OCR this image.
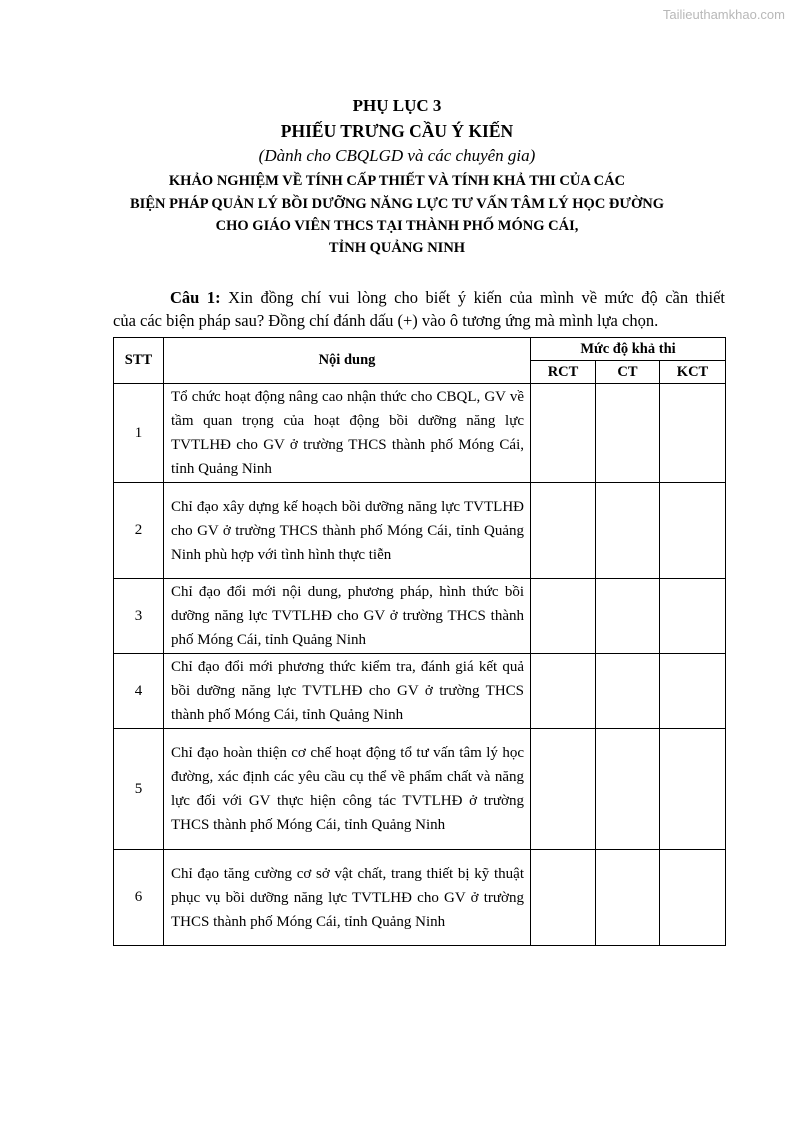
Tailieuthamkhao.com
PHỤ LỤC 3
PHIẾU TRƯNG CẦU Ý KIẾN
(Dành cho CBQLGD và các chuyên gia)
KHẢO NGHIỆM VỀ TÍNH CẤP THIẾT VÀ TÍNH KHẢ THI CỦA CÁC
BIỆN PHÁP QUẢN LÝ BỒI DƯỠNG NĂNG LỰC TƯ VẤN TÂM LÝ HỌC ĐƯỜNG
CHO GIÁO VIÊN THCS TẠI THÀNH PHỐ MÓNG CÁI,
TỈNH QUẢNG NINH
Câu 1: Xin đồng chí vui lòng cho biết ý kiến của mình về mức độ cần thiết
của các biện pháp sau? Đồng chí đánh dấu (+) vào ô tương ứng mà mình lựa chọn.
STT	Nội dung	Mức độ khả thi		
		RCT	CT	KCT
1	Tổ chức hoạt động nâng cao nhận thức cho CBQL, GV về tầm quan trọng của hoạt động bồi dưỡng năng lực TVTLHĐ cho GV ở trường THCS thành phố Móng Cái, tỉnh Quảng Ninh			
2	Chỉ đạo xây dựng kế hoạch bồi dưỡng năng lực TVTLHĐ cho GV ở trường THCS thành phố Móng Cái, tỉnh Quảng Ninh phù hợp với tình hình thực tiễn			
3	Chỉ đạo đổi mới nội dung, phương pháp, hình thức bồi dưỡng năng lực TVTLHĐ cho GV ở trường THCS thành phố Móng Cái, tỉnh Quảng Ninh			
4	Chỉ đạo đổi mới phương thức kiểm tra, đánh giá kết quả bồi dưỡng năng lực TVTLHĐ cho GV ở trường THCS thành phố Móng Cái, tỉnh Quảng Ninh			
5	Chỉ đạo hoàn thiện cơ chế hoạt động tổ tư vấn tâm lý học đường, xác định các yêu cầu cụ thể về phẩm chất và năng lực đối với GV thực hiện công tác TVTLHĐ ở trường THCS thành phố Móng Cái, tỉnh Quảng Ninh			
6	Chỉ đạo tăng cường cơ sở vật chất, trang thiết bị kỹ thuật phục vụ bồi dưỡng năng lực TVTLHĐ cho GV ở trường THCS thành phố Móng Cái, tỉnh Quảng Ninh			
